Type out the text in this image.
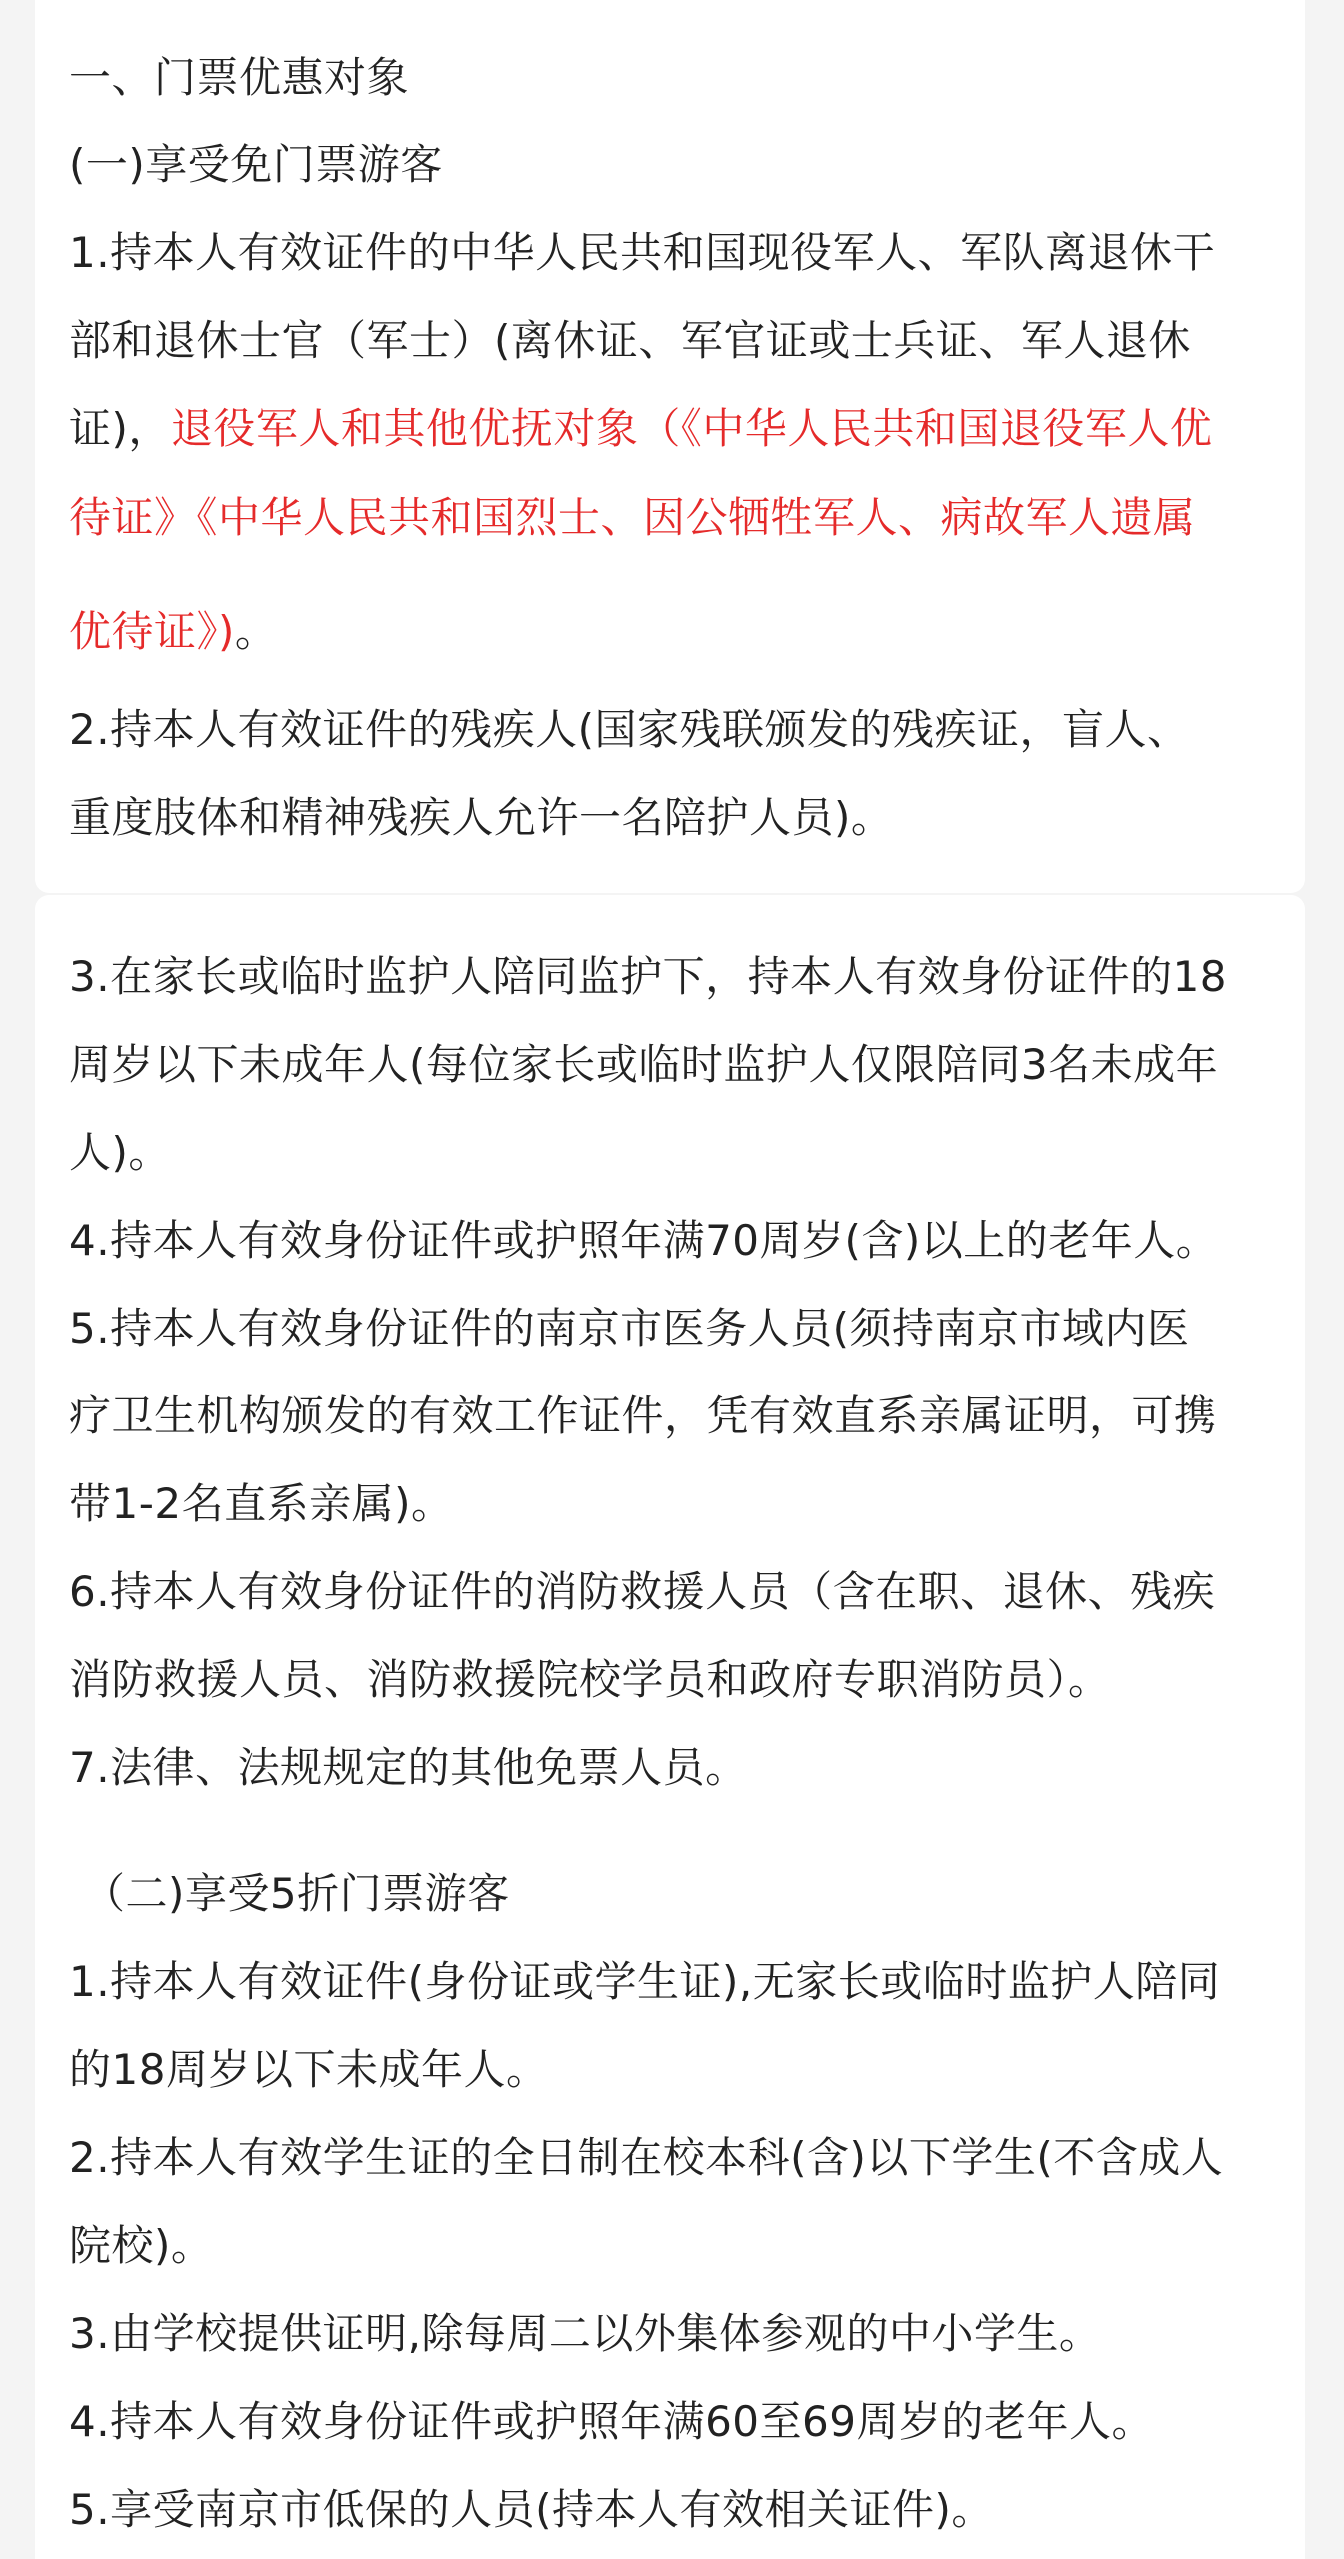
一、门票优惠对象
(一)享受免门票游客
1.持本人有效证件的中华人民共和国现役军人、军队离退休干
部和退休士官（军士）(离休证、军官证或士兵证、军人退休
证)，退役军人和其他优抚对象（《中华人民共和国退役军人优
待证》《中华人民共和国烈士、因公牺牲军人、病故军人遗属
优待证》)。
2.持本人有效证件的残疾人(国家残联颁发的残疾证，盲人、
重度肢体和精神残疾人允许一名陪护人员)。
3.在家长或临时监护人陪同监护下，持本人有效身份证件的18
周岁以下未成年人(每位家长或临时监护人仅限陪同3名未成年
人)。
4.持本人有效身份证件或护照年满70周岁(含)以上的老年人。
5.持本人有效身份证件的南京市医务人员(须持南京市域内医
疗卫生机构颁发的有效工作证件，凭有效直系亲属证明，可携
带1-2名直系亲属)。
6.持本人有效身份证件的消防救援人员（含在职、退休、残疾
消防救援人员、消防救援院校学员和政府专职消防员）。
7.法律、法规规定的其他免票人员。
（二)享受5折门票游客
1.持本人有效证件(身份证或学生证),无家长或临时监护人陪同
的18周岁以下未成年人。
2.持本人有效学生证的全日制在校本科(含)以下学生(不含成人
院校)。
3.由学校提供证明,除每周二以外集体参观的中小学生。
4.持本人有效身份证件或护照年满60至69周岁的老年人。
5.享受南京市低保的人员(持本人有效相关证件)。
